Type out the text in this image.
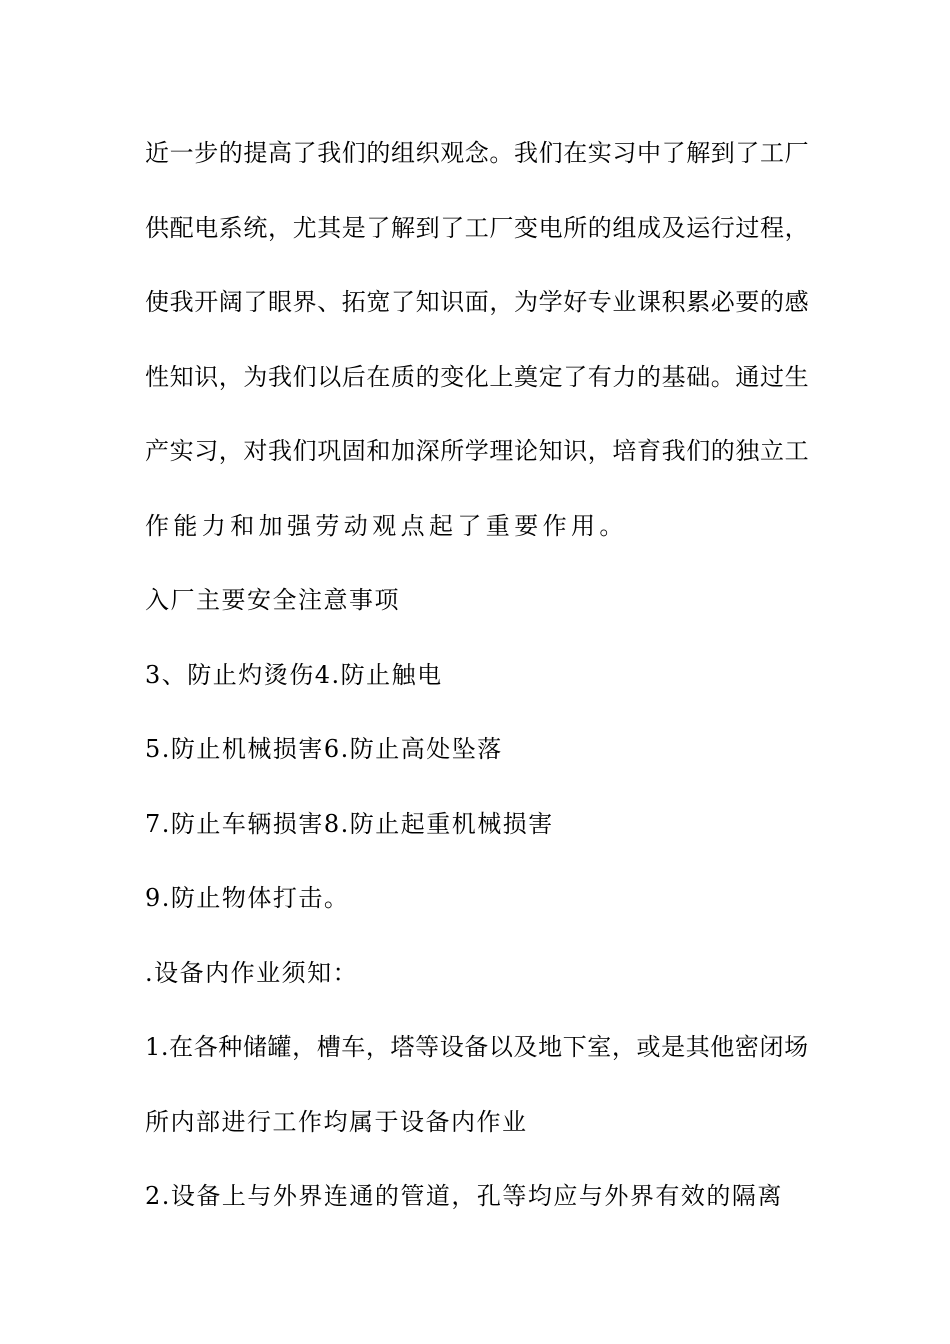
近一步的提高了我们的组织观念。我们在实习中了解到了工厂
供配电系统，尤其是了解到了工厂变电所的组成及运行过程，
使我开阔了眼界、拓宽了知识面，为学好专业课积累必要的感
性知识，为我们以后在质的变化上奠定了有力的基础。通过生
产实习，对我们巩固和加深所学理论知识，培育我们的独立工
作能力和加强劳动观点起了重要作用。
入厂主要安全注意事项
3、防止灼烫伤4.防止触电
5.防止机械损害6.防止高处坠落
7.防止车辆损害8.防止起重机械损害
9.防止物体打击。
.设备内作业须知：
1.在各种储罐，槽车，塔等设备以及地下室，或是其他密闭场
所内部进行工作均属于设备内作业
2.设备上与外界连通的管道，孔等均应与外界有效的隔离
